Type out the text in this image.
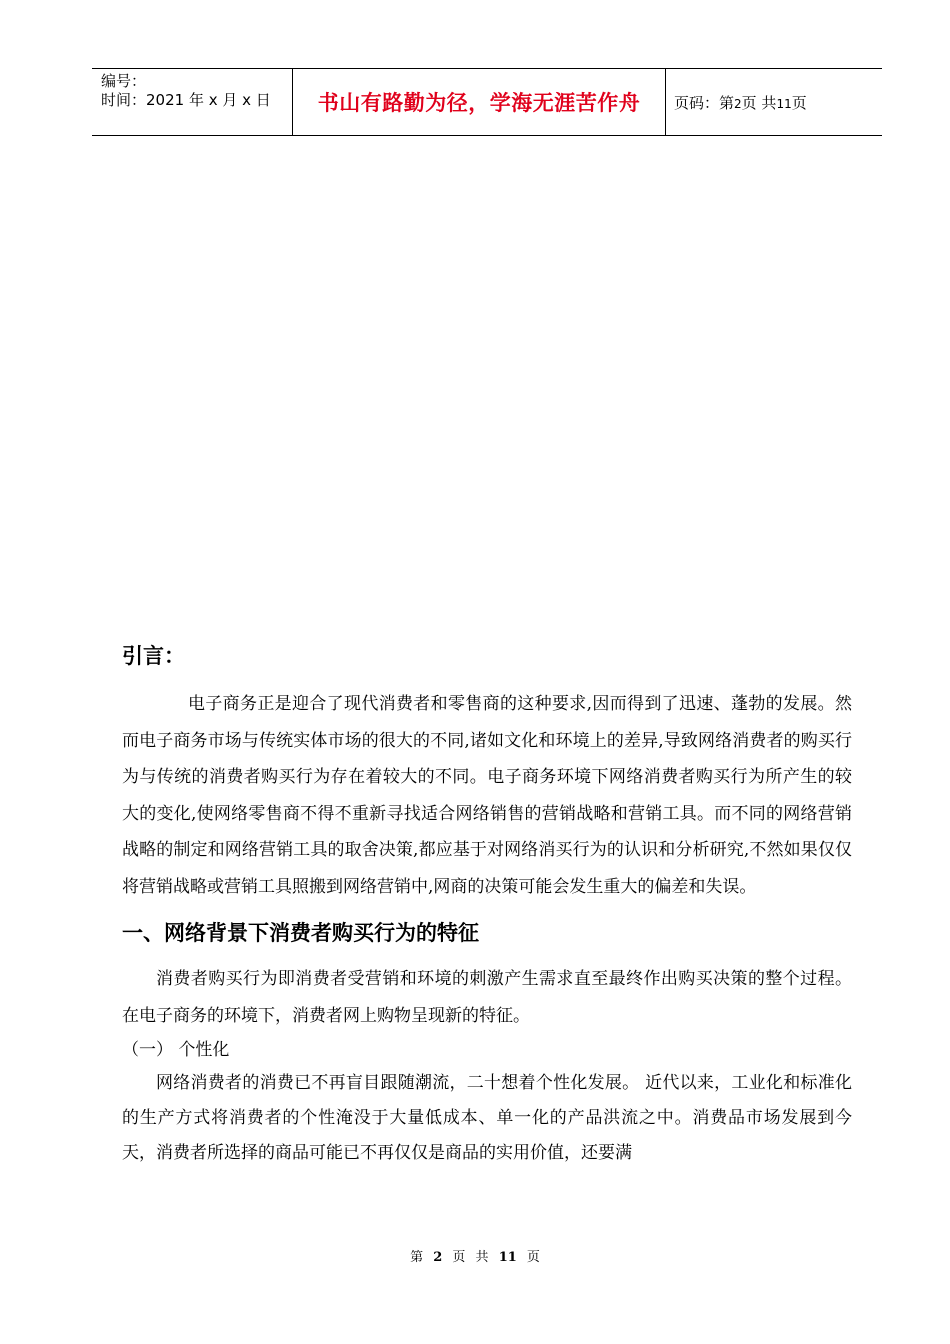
编号：
时间：2021 年 x 月 x 日	书山有路勤为径，学海无涯苦作舟 页码：第2页 共11页
引言：

电子商务正是迎合了现代消费者和零售商的这种要求,因而得到了迅速、蓬勃的发展。然而电子商务市场与传统实体市场的很大的不同,诸如文化和环境上的差异,导致网络消费者的购买行为与传统的消费者购买行为存在着较大的不同。电子商务环境下网络消费者购买行为所产生的较大的变化,使网络零售商不得不重新寻找适合网络销售的营销战略和营销工具。而不同的网络营销战略的制定和网络营销工具的取舍决策,都应基于对网络消买行为的认识和分析研究,不然如果仅仅将营销战略或营销工具照搬到网络营销中,网商的决策可能会发生重大的偏差和失误。

一、网络背景下消费者购买行为的特征

消费者购买行为即消费者受营销和环境的刺激产生需求直至最终作出购买决策的整个过程。在电子商务的环境下，消费者网上购物呈现新的特征。

（一） 个性化

网络消费者的消费已不再盲目跟随潮流，二十想着个性化发展。 近代以来，工业化和标准化的生产方式将消费者的个性淹没于大量低成本、单一化的产品洪流之中。消费品市场发展到今天，消费者所选择的商品可能已不再仅仅是商品的实用价值，还要满

第 2 页 共 11 页
